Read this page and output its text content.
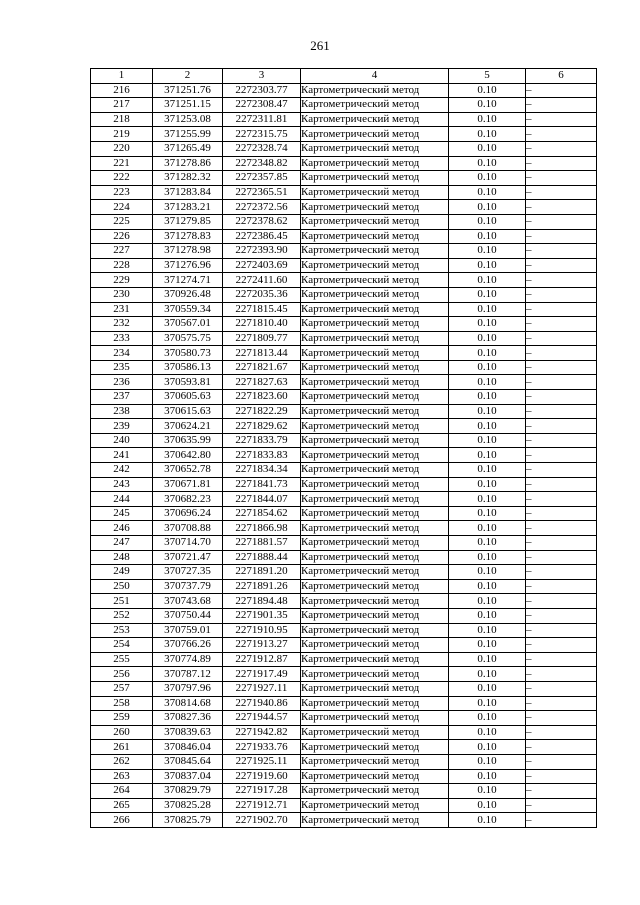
261
1	2	3	4	5	6
216	371251.76	2272303.77	Картометрический метод	0.10	–
217	371251.15	2272308.47	Картометрический метод	0.10	–
218	371253.08	2272311.81	Картометрический метод	0.10	–
219	371255.99	2272315.75	Картометрический метод	0.10	–
220	371265.49	2272328.74	Картометрический метод	0.10	–
221	371278.86	2272348.82	Картометрический метод	0.10	–
222	371282.32	2272357.85	Картометрический метод	0.10	–
223	371283.84	2272365.51	Картометрический метод	0.10	–
224	371283.21	2272372.56	Картометрический метод	0.10	–
225	371279.85	2272378.62	Картометрический метод	0.10	–
226	371278.83	2272386.45	Картометрический метод	0.10	–
227	371278.98	2272393.90	Картометрический метод	0.10	–
228	371276.96	2272403.69	Картометрический метод	0.10	–
229	371274.71	2272411.60	Картометрический метод	0.10	–
230	370926.48	2272035.36	Картометрический метод	0.10	–
231	370559.34	2271815.45	Картометрический метод	0.10	–
232	370567.01	2271810.40	Картометрический метод	0.10	–
233	370575.75	2271809.77	Картометрический метод	0.10	–
234	370580.73	2271813.44	Картометрический метод	0.10	–
235	370586.13	2271821.67	Картометрический метод	0.10	–
236	370593.81	2271827.63	Картометрический метод	0.10	–
237	370605.63	2271823.60	Картометрический метод	0.10	–
238	370615.63	2271822.29	Картометрический метод	0.10	–
239	370624.21	2271829.62	Картометрический метод	0.10	–
240	370635.99	2271833.79	Картометрический метод	0.10	–
241	370642.80	2271833.83	Картометрический метод	0.10	–
242	370652.78	2271834.34	Картометрический метод	0.10	–
243	370671.81	2271841.73	Картометрический метод	0.10	–
244	370682.23	2271844.07	Картометрический метод	0.10	–
245	370696.24	2271854.62	Картометрический метод	0.10	–
246	370708.88	2271866.98	Картометрический метод	0.10	–
247	370714.70	2271881.57	Картометрический метод	0.10	–
248	370721.47	2271888.44	Картометрический метод	0.10	–
249	370727.35	2271891.20	Картометрический метод	0.10	–
250	370737.79	2271891.26	Картометрический метод	0.10	–
251	370743.68	2271894.48	Картометрический метод	0.10	–
252	370750.44	2271901.35	Картометрический метод	0.10	–
253	370759.01	2271910.95	Картометрический метод	0.10	–
254	370766.26	2271913.27	Картометрический метод	0.10	–
255	370774.89	2271912.87	Картометрический метод	0.10	–
256	370787.12	2271917.49	Картометрический метод	0.10	–
257	370797.96	2271927.11	Картометрический метод	0.10	–
258	370814.68	2271940.86	Картометрический метод	0.10	–
259	370827.36	2271944.57	Картометрический метод	0.10	–
260	370839.63	2271942.82	Картометрический метод	0.10	–
261	370846.04	2271933.76	Картометрический метод	0.10	–
262	370845.64	2271925.11	Картометрический метод	0.10	–
263	370837.04	2271919.60	Картометрический метод	0.10	–
264	370829.79	2271917.28	Картометрический метод	0.10	–
265	370825.28	2271912.71	Картометрический метод	0.10	–
266	370825.79	2271902.70	Картометрический метод	0.10	–
